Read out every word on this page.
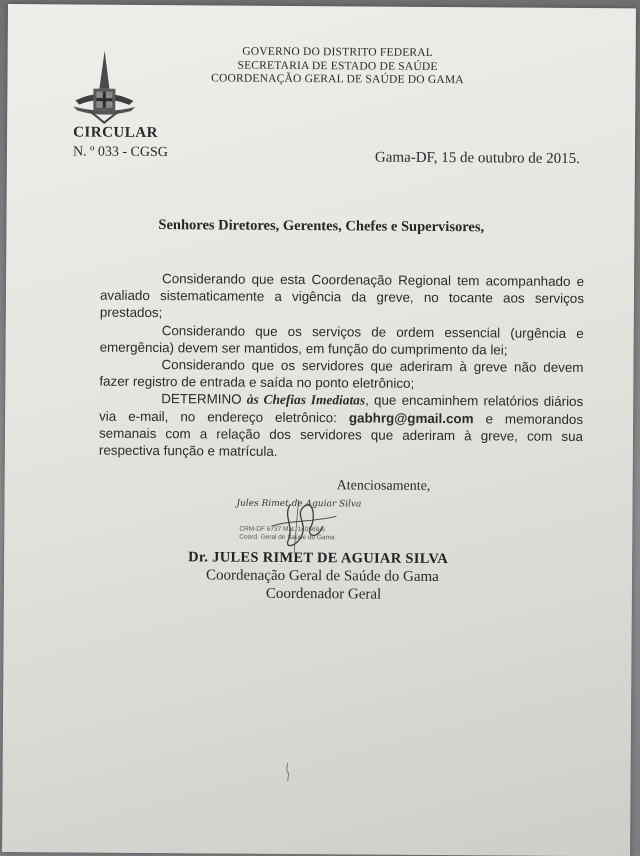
GOVERNO DO DISTRITO FEDERAL
SECRETARIA DE ESTADO DE SAÚDE
COORDENAÇÃO GERAL DE SAÚDE DO GAMA
CIRCULAR
N. º 033 - CGSG	Gama-DF, 15 de outubro de 2015.
Senhores Diretores, Gerentes, Chefes e Supervisores,

Considerando que esta Coordenação Regional tem acompanhado e avaliado sistematicamente a vigência da greve, no tocante aos serviços prestados;

Considerando que os serviços de ordem essencial (urgência e emergência) devem ser mantidos, em função do cumprimento da lei;

Considerando que os servidores que aderiram à greve não devem fazer registro de entrada e saída no ponto eletrônico;

DETERMINO às Chefias Imediatas, que encaminhem relatórios diários via e-mail, no endereço eletrônico: gabhrg@gmail.com e memorandos semanais com a relação dos servidores que aderiram à greve, com sua respectiva função e matrícula.

Atenciosamente,
Jules Rimet de Aguiar Silva
CRM-DF 6737 Mat. 140569-6
Coord. Geral de Saúde do Gama
Dr. JULES RIMET DE AGUIAR SILVA
Coordenação Geral de Saúde do Gama
Coordenador Geral
